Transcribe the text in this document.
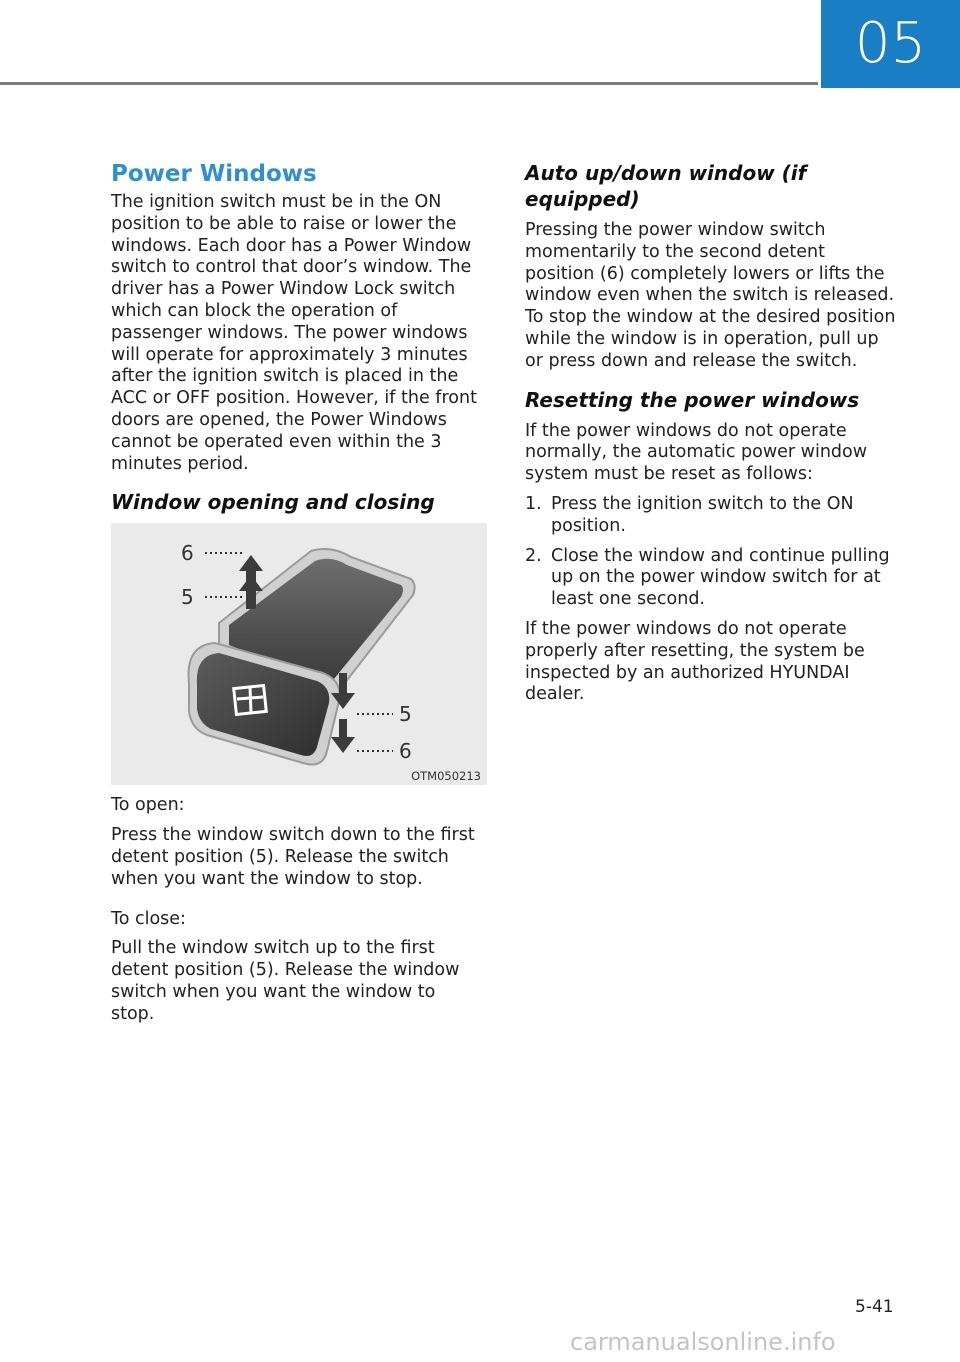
05
Power Windows

The ignition switch must be in the ON position to be able to raise or lower the windows. Each door has a Power Window switch to control that door’s window. The driver has a Power Window Lock switch which can block the operation of passenger windows. The power windows will operate for approximately 3 minutes after the ignition switch is placed in the ACC or OFF position. However, if the front doors are opened, the Power Windows cannot be operated even within the 3 minutes period.

Window opening and closing
6
5
5
6
OTM050213

To open:

Press the window switch down to the first detent position (5). Release the switch when you want the window to stop.

To close:

Pull the window switch up to the first detent position (5). Release the window switch when you want the window to stop.

Auto up/down window (if equipped)

Pressing the power window switch momentarily to the second detent position (6) completely lowers or lifts the window even when the switch is released. To stop the window at the desired position while the window is in operation, pull up or press down and release the switch.

Resetting the power windows

If the power windows do not operate normally, the automatic power window system must be reset as follows:

1. Press the ignition switch to the ON position.
2. Close the window and continue pulling up on the power window switch for at least one second.

If the power windows do not operate properly after resetting, the system be inspected by an authorized HYUNDAI dealer.

5-41
carmanualsonline.info
